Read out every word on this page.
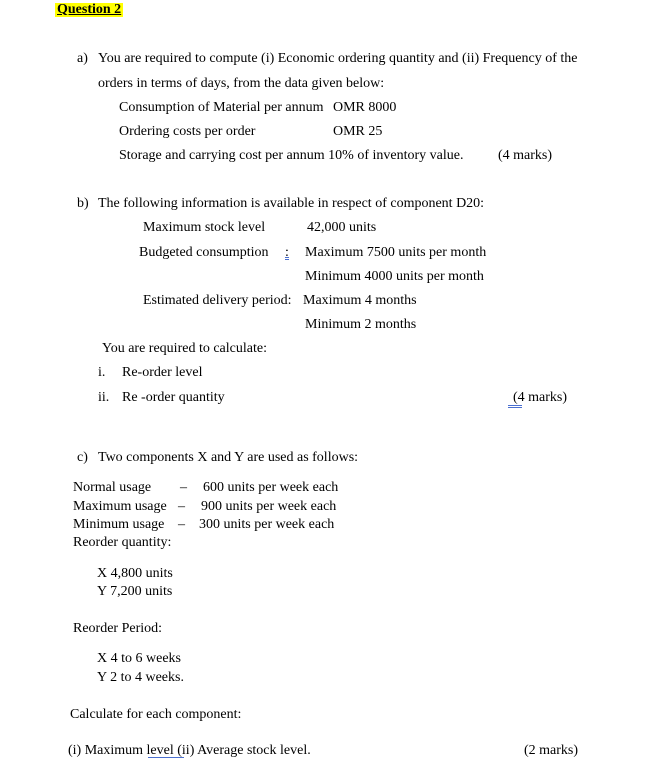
Question 2
a) You are required to compute (i) Economic ordering quantity and (ii) Frequency of the
orders in terms of days, from the data given below:
Consumption of Material per annum OMR 8000
Ordering costs per order	OMR 25
Storage and carrying cost per annum 10% of inventory value. (4 marks)
b) The following information is available in respect of component D20:
Maximum stock level	42,000 units
Budgeted consumption : Maximum 7500 units per month
Minimum 4000 units per month
Estimated delivery period: Maximum 4 months
Minimum 2 months
You are required to calculate:
i. Re-order level
ii. Re -order quantity	(4 marks)
c) Two components X and Y are used as follows:
Normal usage – 600 units per week each
Maximum usage – 900 units per week each
Minimum usage – 300 units per week each
Reorder quantity:
X 4,800 units
Y 7,200 units
Reorder Period:
X 4 to 6 weeks
Y 2 to 4 weeks.
Calculate for each component:
(i) Maximum level (ii) Average stock level.	(2 marks)
